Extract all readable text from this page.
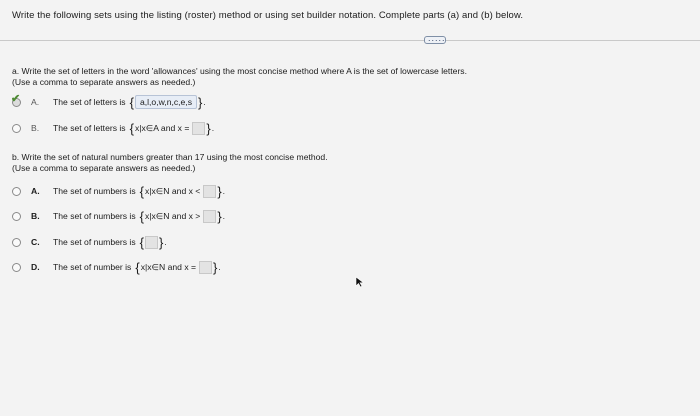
Write the following sets using the listing (roster) method or using set builder notation. Complete parts (a) and (b) below.
.....
a. Write the set of letters in the word 'allowances' using the most concise method where A is the set of lowercase letters.
(Use a comma to separate answers as needed.)
✔ A.	The set of letters is { a,l,o,w,n,c,e,s } .
B.	The set of letters is { x|x∈A and x = } .
b. Write the set of natural numbers greater than 17 using the most concise method.
(Use a comma to separate answers as needed.)
A.	The set of numbers is { x|x∈N and x < } .
B.	The set of numbers is { x|x∈N and x > } .
C.	The set of numbers is { } .
D.	The set of number is { x|x∈N and x = } .
